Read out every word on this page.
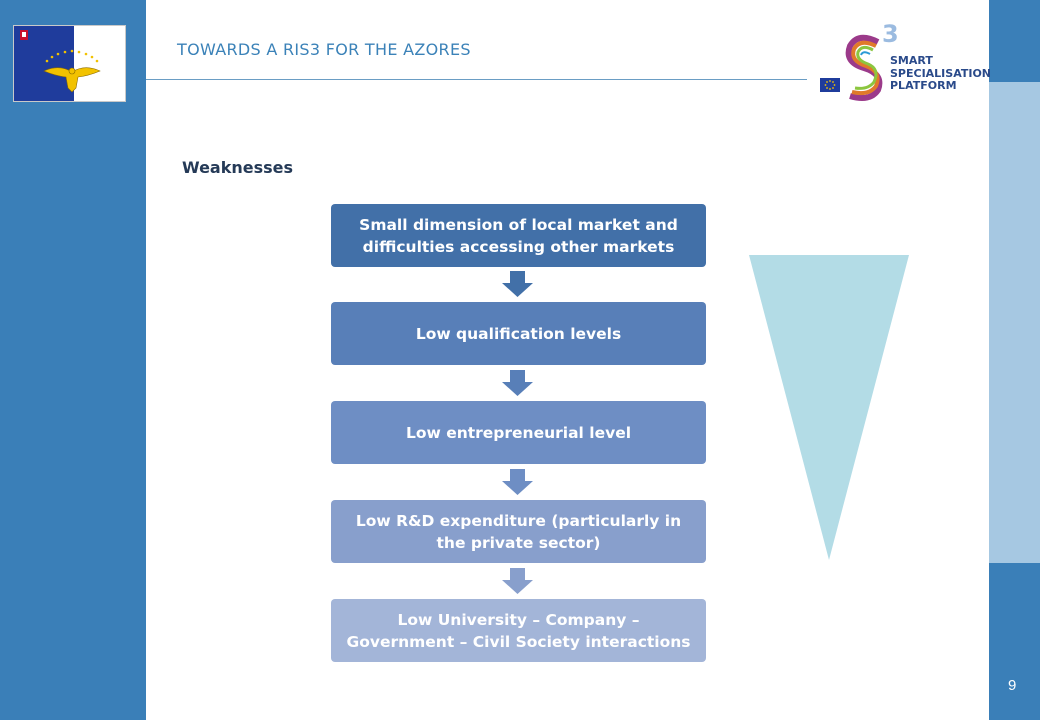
TOWARDS A RIS3 FOR THE AZORES
3
SMART
SPECIALISATION
PLATFORM
Weaknesses
Small dimension of local market and difficulties accessing other markets
Low qualification levels
Low entrepreneurial level
Low R&D expenditure (particularly in the private sector)
Low University – Company – Government – Civil Society interactions
9
